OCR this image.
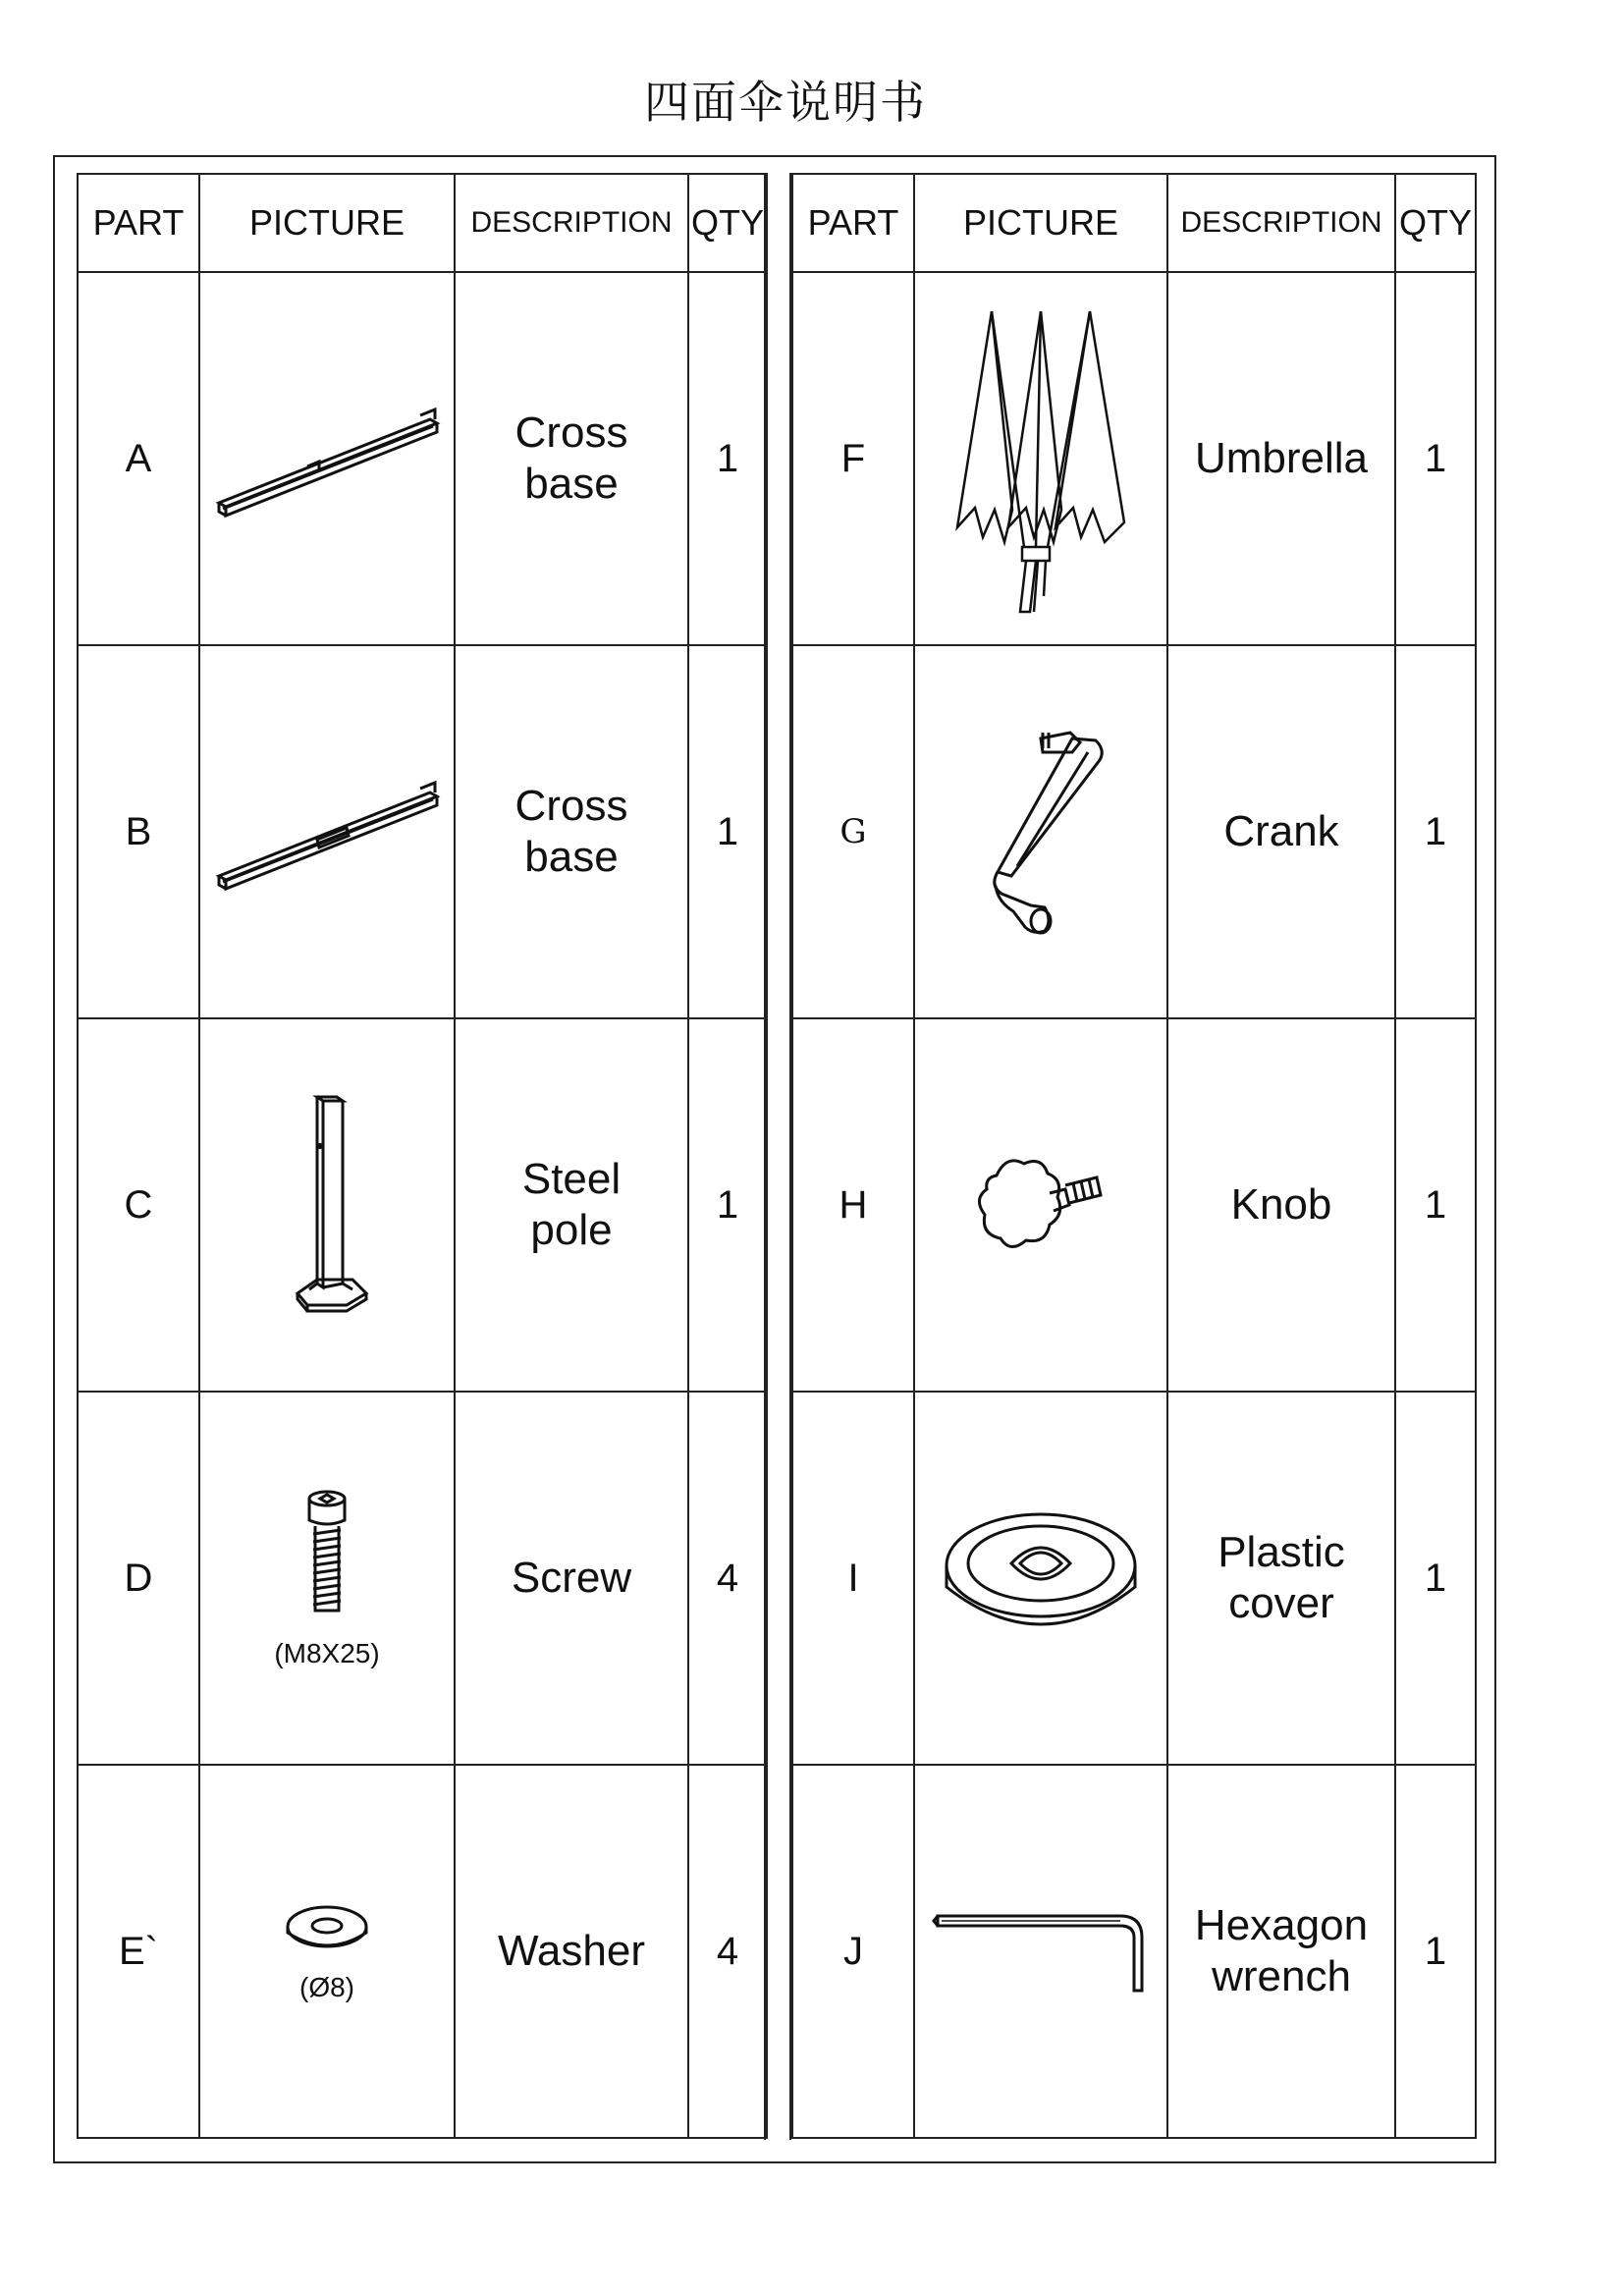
四面伞说明书
PART	PICTURE	DESCRIPTION	QTY
A		Cross
base	1
B		Cross
base	1
C		Steel
pole	1
D	(M8X25)	Screw	4
E`	(Ø8)	Washer	4
PART	PICTURE	DESCRIPTION	QTY
F		Umbrella	1
G		Crank	1
H		Knob	1
I		Plastic
cover	1
J		Hexagon
wrench	1
